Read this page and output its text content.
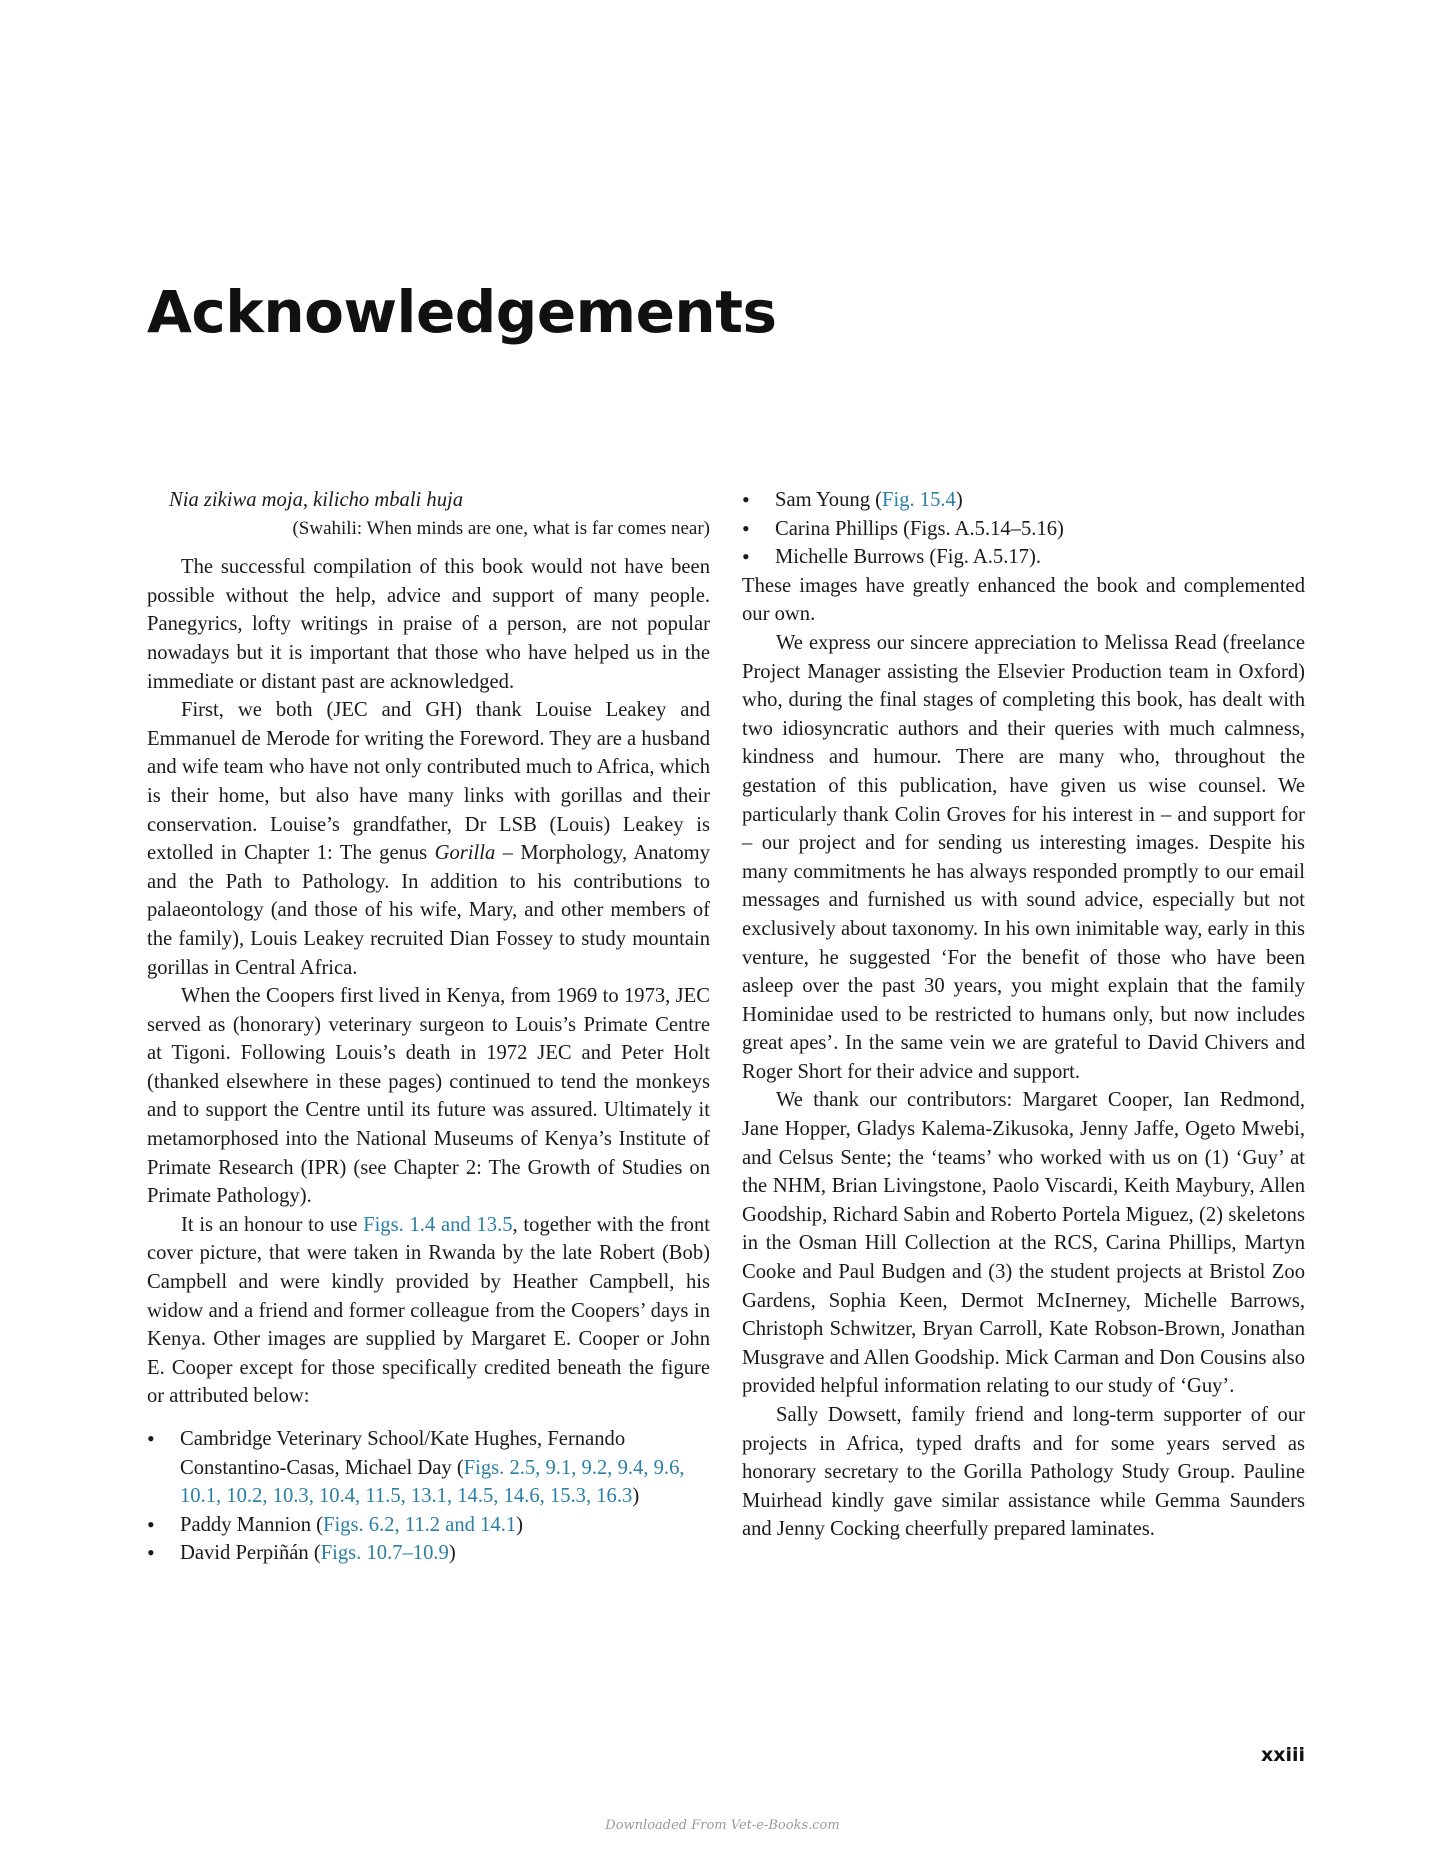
Acknowledgements

Nia zikiwa moja, kilicho mbali huja

(Swahili: When minds are one, what is far comes near)

The successful compilation of this book would not have been possible without the help, advice and support of many people. Panegyrics, lofty writings in praise of a person, are not popular nowadays but it is important that those who have helped us in the immediate or distant past are acknowledged.

First, we both (JEC and GH) thank Louise Leakey and Emmanuel de Merode for writing the Foreword. They are a husband and wife team who have not only contributed much to Africa, which is their home, but also have many links with gorillas and their conservation. Louise’s grandfather, Dr LSB (Louis) Leakey is extolled in Chapter 1: The genus Gorilla – Morphology, Anatomy and the Path to Pathology. In addition to his contributions to palaeontology (and those of his wife, Mary, and other members of the family), Louis Leakey recruited Dian Fossey to study mountain gorillas in Central Africa.

When the Coopers first lived in Kenya, from 1969 to 1973, JEC served as (honorary) veterinary surgeon to Louis’s Primate Centre at Tigoni. Following Louis’s death in 1972 JEC and Peter Holt (thanked elsewhere in these pages) continued to tend the monkeys and to support the Centre until its future was assured. Ultimately it metamorphosed into the National Museums of Kenya’s Institute of Primate Research (IPR) (see Chapter 2: The Growth of Studies on Primate Pathology).

It is an honour to use Figs. 1.4 and 13.5, together with the front cover picture, that were taken in Rwanda by the late Robert (Bob) Campbell and were kindly provided by Heather Campbell, his widow and a friend and former colleague from the Coopers’ days in Kenya. Other images are supplied by Margaret E. Cooper or John E. Cooper except for those specifically credited beneath the figure or attributed below:

• Cambridge Veterinary School/Kate Hughes, Fernando Constantino-Casas, Michael Day (Figs. 2.5, 9.1, 9.2, 9.4, 9.6, 10.1, 10.2, 10.3, 10.4, 11.5, 13.1, 14.5, 14.6, 15.3, 16.3)
• Paddy Mannion (Figs. 6.2, 11.2 and 14.1)
• David Perpiñán (Figs. 10.7–10.9)
• Sam Young (Fig. 15.4)
• Carina Phillips (Figs. A.5.14–5.16)
• Michelle Burrows (Fig. A.5.17).

These images have greatly enhanced the book and complemented our own.

We express our sincere appreciation to Melissa Read (freelance Project Manager assisting the Elsevier Production team in Oxford) who, during the final stages of completing this book, has dealt with two idiosyncratic authors and their queries with much calmness, kindness and humour. There are many who, throughout the gestation of this publication, have given us wise counsel. We particularly thank Colin Groves for his interest in – and support for – our project and for sending us interesting images. Despite his many commitments he has always responded promptly to our email messages and furnished us with sound advice, especially but not exclusively about taxonomy. In his own inimitable way, early in this venture, he suggested ‘For the benefit of those who have been asleep over the past 30 years, you might explain that the family Hominidae used to be restricted to humans only, but now includes great apes’. In the same vein we are grateful to David Chivers and Roger Short for their advice and support.

We thank our contributors: Margaret Cooper, Ian Redmond, Jane Hopper, Gladys Kalema-Zikusoka, Jenny Jaffe, Ogeto Mwebi, and Celsus Sente; the ‘teams’ who worked with us on (1) ‘Guy’ at the NHM, Brian Livingstone, Paolo Viscardi, Keith Maybury, Allen Goodship, Richard Sabin and Roberto Portela Miguez, (2) skeletons in the Osman Hill Collection at the RCS, Carina Phillips, Martyn Cooke and Paul Budgen and (3) the student projects at Bristol Zoo Gardens, Sophia Keen, Dermot McInerney, Michelle Barrows, Christoph Schwitzer, Bryan Carroll, Kate Robson-Brown, Jonathan Musgrave and Allen Goodship. Mick Carman and Don Cousins also provided helpful information relating to our study of ‘Guy’.

Sally Dowsett, family friend and long-term supporter of our projects in Africa, typed drafts and for some years served as honorary secretary to the Gorilla Pathology Study Group. Pauline Muirhead kindly gave similar assistance while Gemma Saunders and Jenny Cocking cheerfully prepared laminates.

xxiii
Downloaded From Vet-e-Books.com
